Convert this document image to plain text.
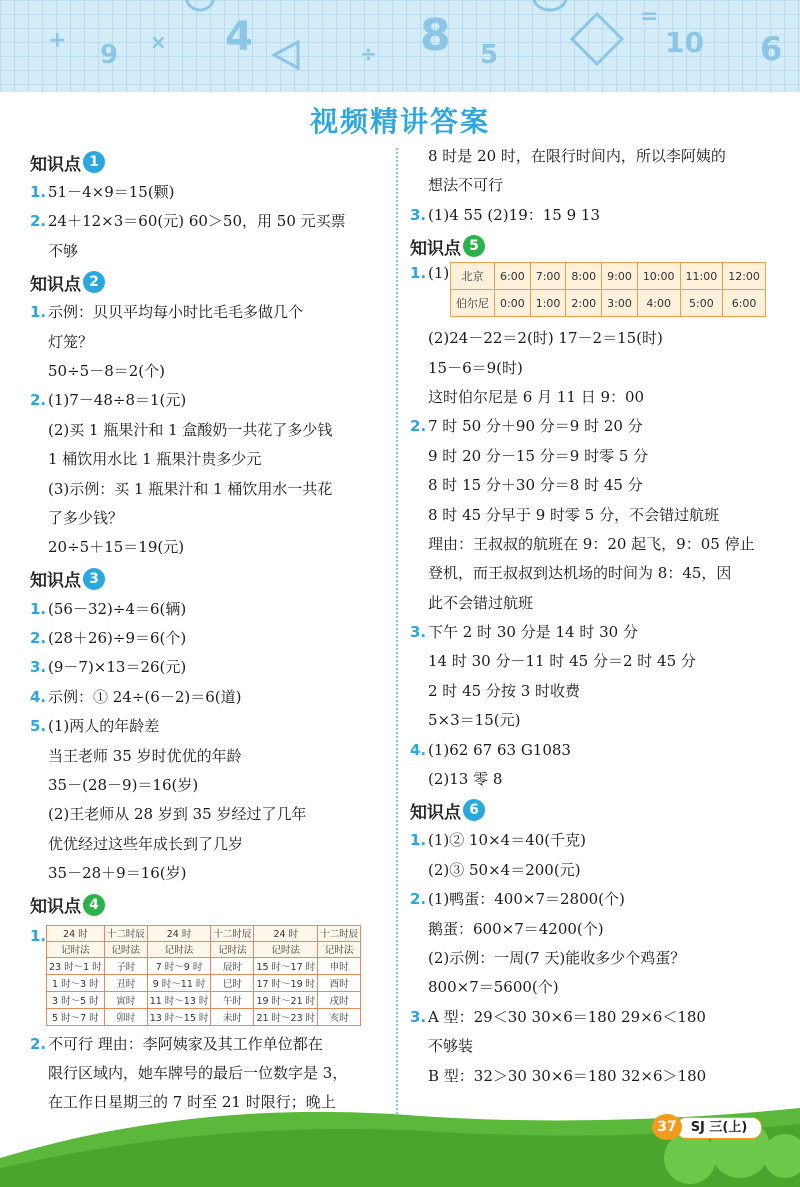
+ 9 × 4	÷ 8 5
=
10 6
视频精讲答案
知识点 1
1. 51－4×9＝15(颗)
2. 24＋12×3＝60(元) 60＞50，用 50 元买票
不够
知识点 2
1. 示例：贝贝平均每小时比毛毛多做几个
灯笼？
50÷5－8＝2(个)
2. (1)7－48÷8＝1(元)
(2)买 1 瓶果汁和 1 盒酸奶一共花了多少钱
1 桶饮用水比 1 瓶果汁贵多少元
(3)示例：买 1 瓶果汁和 1 桶饮用水一共花
了多少钱？
20÷5＋15＝19(元)
知识点 3
1. (56－32)÷4＝6(辆)
2. (28＋26)÷9＝6(个)
3. (9－7)×13＝26(元)
4. 示例：① 24÷(6－2)＝6(道)
5. (1)两人的年龄差
当王老师 35 岁时优优的年龄
35－(28－9)＝16(岁)
(2)王老师从 28 岁到 35 岁经过了几年
优优经过这些年成长到了几岁
35－28＋9＝16(岁)
知识点 4
1. 24 时	十二时辰	24 时	十二时辰	24 时	十二时辰
记时法	记时法	记时法	记时法	记时法	记时法
23 时～1 时	子时	7 时～9 时	辰时	15 时～17 时	申时
1 时～3 时	丑时	9 时～11 时	巳时	17 时～19 时	酉时
3 时～5 时	寅时	11 时～13 时	午时	19 时～21 时	戌时
5 时～7 时	卯时	13 时～15 时	未时	21 时～23 时	亥时
2. 不可行 理由：李阿姨家及其工作单位都在
限行区域内，她车牌号的最后一位数字是 3，
在工作日星期三的 7 时至 21 时限行；晚上
8 时是 20 时，在限行时间内，所以李阿姨的
想法不可行
3. (1)4 55 (2)19：15 9 13
知识点 5
1. (1) 北京	6:00	7:00	8:00	9:00	10:00	11:00	12:00
伯尔尼	0:00	1:00	2:00	3:00	4:00	5:00	6:00
(2)24－22＝2(时) 17－2＝15(时)
15－6＝9(时)
这时伯尔尼是 6 月 11 日 9：00
2. 7 时 50 分＋90 分＝9 时 20 分
9 时 20 分－15 分＝9 时零 5 分
8 时 15 分＋30 分＝8 时 45 分
8 时 45 分早于 9 时零 5 分，不会错过航班
理由：王叔叔的航班在 9：20 起飞，9：05 停止
登机，而王叔叔到达机场的时间为 8：45，因
此不会错过航班
3. 下午 2 时 30 分是 14 时 30 分
14 时 30 分－11 时 45 分＝2 时 45 分
2 时 45 分按 3 时收费
5×3＝15(元)
4. (1)62 67 63 G1083
(2)13 零 8
知识点 6
1. (1)② 10×4＝40(千克)
(2)③ 50×4＝200(元)
2. (1)鸭蛋：400×7＝2800(个)
鹅蛋：600×7＝4200(个)
(2)示例：一周(7 天)能收多少个鸡蛋？
800×7＝5600(个)
3. A 型：29＜30 30×6＝180 29×6＜180
不够装
B 型：32＞30 30×6＝180 32×6＞180
SJ 三(上)
37
